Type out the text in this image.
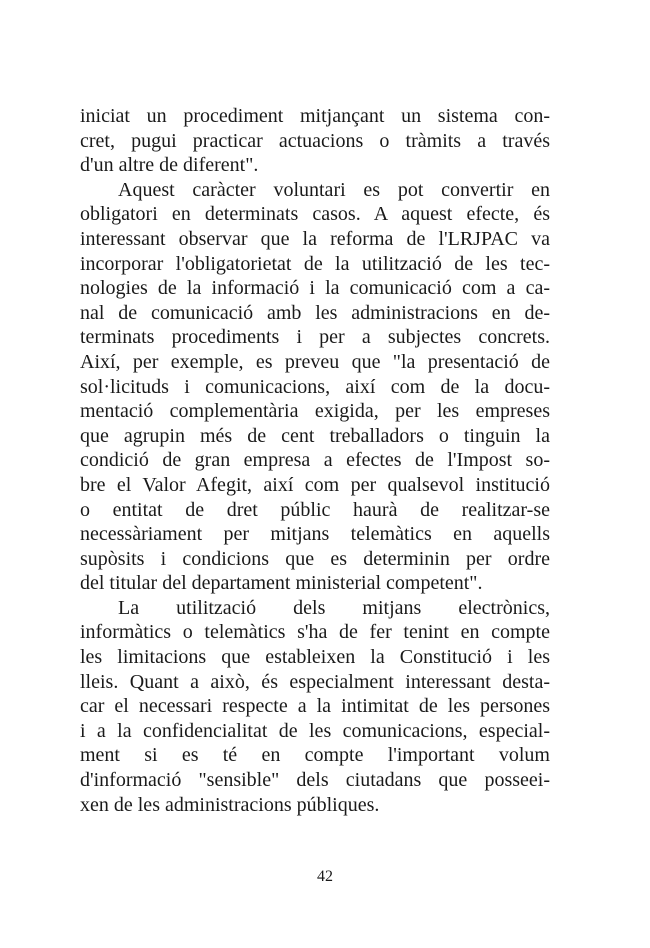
iniciat un procediment mitjançant un sistema con-
cret, pugui practicar actuacions o tràmits a través
d'un altre de diferent".
Aquest caràcter voluntari es pot convertir en
obligatori en determinats casos. A aquest efecte, és
interessant observar que la reforma de l'LRJPAC va
incorporar l'obligatorietat de la utilització de les tec-
nologies de la informació i la comunicació com a ca-
nal de comunicació amb les administracions en de-
terminats procediments i per a subjectes concrets.
Així, per exemple, es preveu que "la presentació de
sol·licituds i comunicacions, així com de la docu-
mentació complementària exigida, per les empreses
que agrupin més de cent treballadors o tinguin la
condició de gran empresa a efectes de l'Impost so-
bre el Valor Afegit, així com per qualsevol institució
o entitat de dret públic haurà de realitzar-se
necessàriament per mitjans telemàtics en aquells
supòsits i condicions que es determinin per ordre
del titular del departament ministerial competent".
La utilització dels mitjans electrònics,
informàtics o telemàtics s'ha de fer tenint en compte
les limitacions que estableixen la Constitució i les
lleis. Quant a això, és especialment interessant desta-
car el necessari respecte a la intimitat de les persones
i a la confidencialitat de les comunicacions, especial-
ment si es té en compte l'important volum
d'informació "sensible" dels ciutadans que posseei-
xen de les administracions públiques.
42
